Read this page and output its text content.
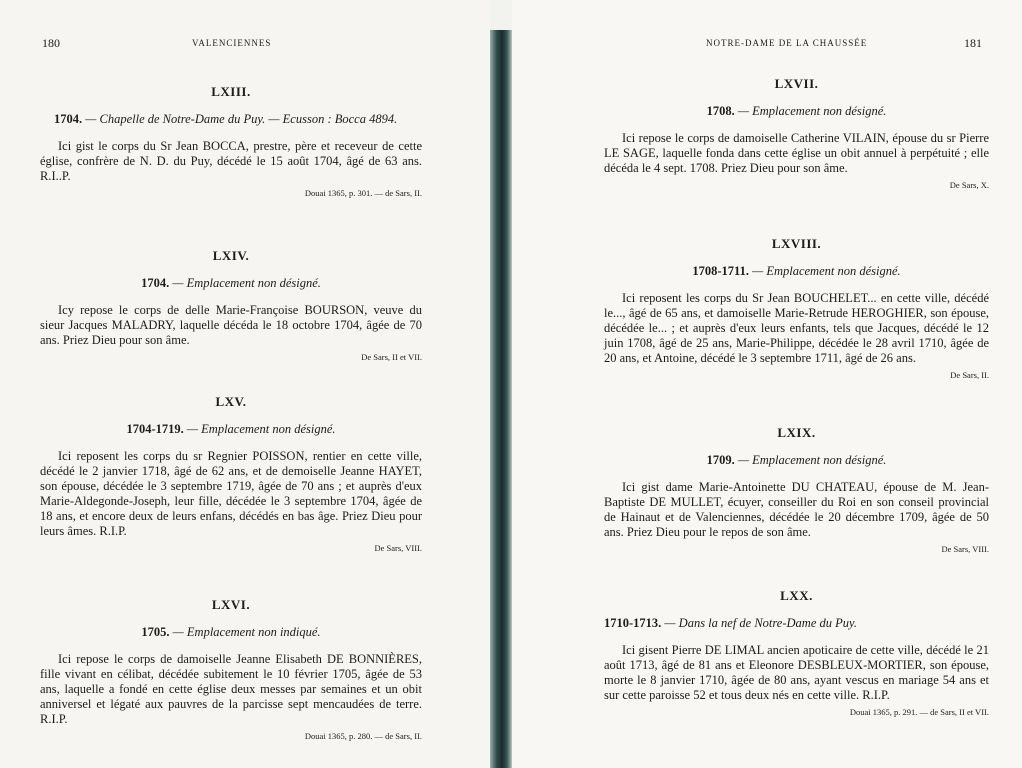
180	VALENCIENNES
LXIII.
1704. — Chapelle de Notre-Dame du Puy. — Ecusson : Bocca 4894.
Ici gist le corps du Sr Jean BOCCA, prestre, père et receveur de cette église, confrère de N. D. du Puy, décédé le 15 août 1704, âgé de 63 ans. R.I..P.
Douai 1365, p. 301. — de Sars, II.
LXIV.
1704. — Emplacement non désigné.
Icy repose le corps de delle Marie-Françoise BOURSON, veuve du sieur Jacques MALADRY, laquelle décéda le 18 octobre 1704, âgée de 70 ans. Priez Dieu pour son âme.
De Sars, II et VII.
LXV.
1704-1719. — Emplacement non désigné.
Ici reposent les corps du sr Regnier POISSON, rentier en cette ville, décédé le 2 janvier 1718, âgé de 62 ans, et de demoiselle Jeanne HAYET, son épouse, décédée le 3 septembre 1719, âgée de 70 ans ; et auprès d'eux Marie-Aldegonde-Joseph, leur fille, décédée le 3 septembre 1704, âgée de 18 ans, et encore deux de leurs enfans, décédés en bas âge. Priez Dieu pour leurs âmes. R.I.P.
De Sars, VIII.
LXVI.
1705. — Emplacement non indiqué.
Ici repose le corps de damoiselle Jeanne Elisabeth DE BONNIÈRES, fille vivant en célibat, décédée subitement le 10 février 1705, âgée de 53 ans, laquelle a fondé en cette église deux messes par semaines et un obit anniversel et légaté aux pauvres de la parcisse sept mencaudées de terre. R.I.P.
Douai 1365, p. 280. — de Sars, II.
NOTRE-DAME DE LA CHAUSSÉE	181
LXVII.
1708. — Emplacement non désigné.
Ici repose le corps de damoiselle Catherine VILAIN, épouse du sr Pierre LE SAGE, laquelle fonda dans cette église un obit annuel à perpétuité ; elle décéda le 4 sept. 1708. Priez Dieu pour son âme.
De Sars, X.
LXVIII.
1708-1711. — Emplacement non désigné.
Ici reposent les corps du Sr Jean BOUCHELET... en cette ville, décédé le..., âgé de 65 ans, et damoiselle Marie-Retrude HEROGHIER, son épouse, décédée le... ; et auprès d'eux leurs enfants, tels que Jacques, décédé le 12 juin 1708, âgé de 25 ans, Marie-Philippe, décédée le 28 avril 1710, âgée de 20 ans, et Antoine, décédé le 3 septembre 1711, âgé de 26 ans.
De Sars, II.
LXIX.
1709. — Emplacement non désigné.
Ici gist dame Marie-Antoinette DU CHATEAU, épouse de M. Jean-Baptiste DE MULLET, écuyer, conseiller du Roi en son conseil provincial de Hainaut et de Valenciennes, décédée le 20 décembre 1709, âgée de 50 ans. Priez Dieu pour le repos de son âme.
De Sars, VIII.
LXX.
1710-1713. — Dans la nef de Notre-Dame du Puy.
Ici gisent Pierre DE LIMAL ancien apoticaire de cette ville, décédé le 21 août 1713, âgé de 81 ans et Eleonore DESBLEUX-MORTIER, son épouse, morte le 8 janvier 1710, âgée de 80 ans, ayant vescus en mariage 54 ans et sur cette paroisse 52 et tous deux nés en cette ville. R.I.P.
Douai 1365, p. 291. — de Sars, II et VII.
